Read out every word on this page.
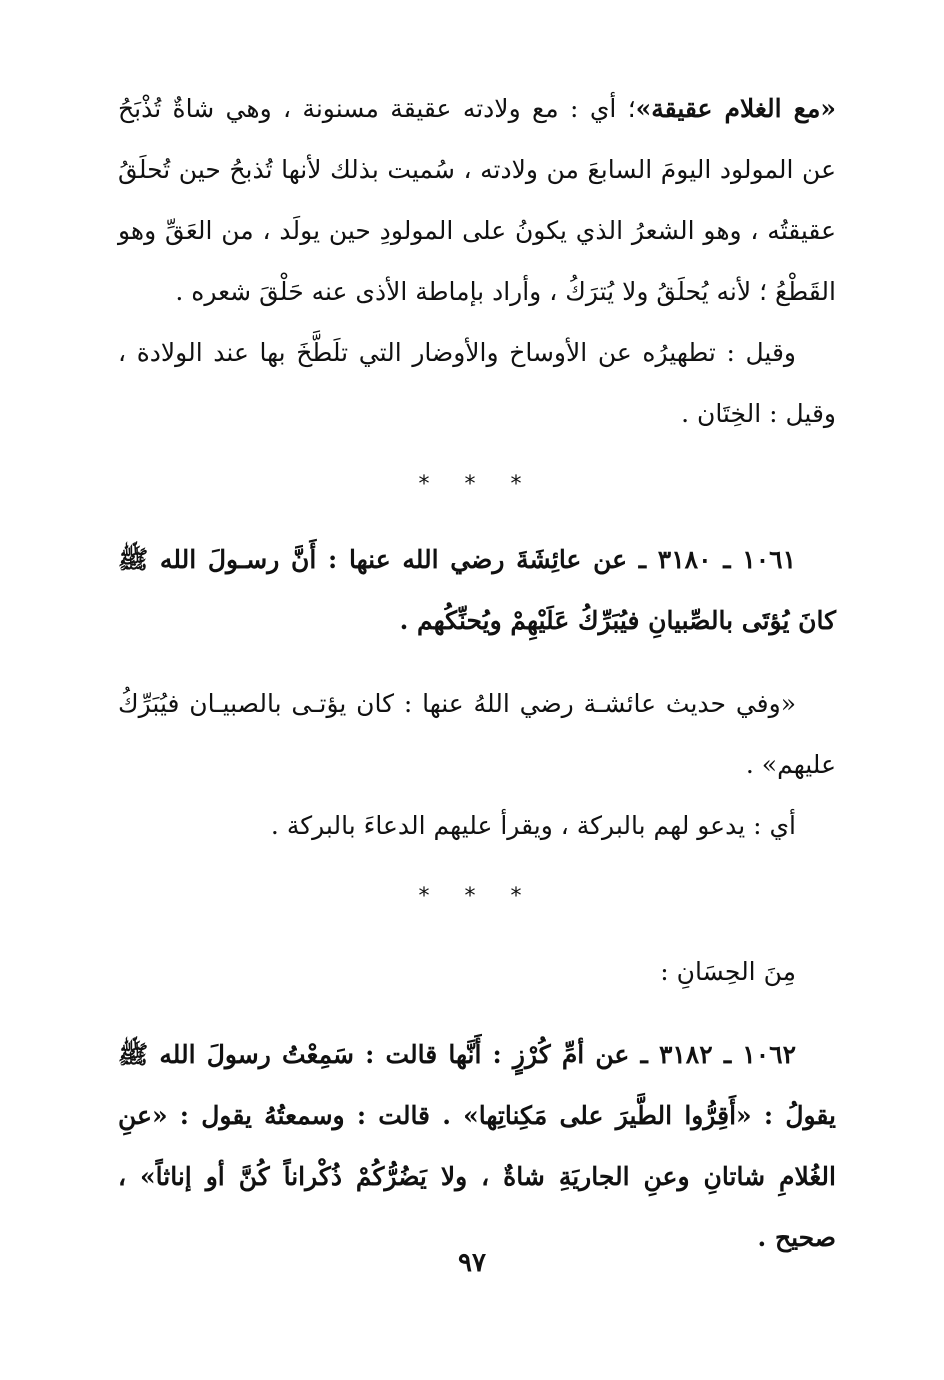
«مع الغلام عقيقة»؛ أي : مع ولادته عقيقة مسنونة ، وهي شاةٌ تُذْبَحُ عن المولود اليومَ السابعَ من ولادته ، سُميت بذلك لأنها تُذبحُ حين تُحلَقُ عقيقتُه ، وهو الشعرُ الذي يكونُ على المولودِ حين يولَد ، من العَقِّ وهو القَطْعُ ؛ لأنه يُحلَقُ ولا يُترَكُ ، وأراد بإماطة الأذى عنه حَلْقَ شعره .

وقيل : تطهيرُه عن الأوساخ والأوضار التي تلَطَّخَ بها عند الولادة ، وقيل : الخِتَان .

* * *

١٠٦١ ـ ٣١٨٠ ـ عن عائِشَةَ رضي الله عنها : أَنَّ رسـولَ الله ﷺ كانَ يُؤتَى بالصِّبيانِ فيُبَرِّكُ عَلَيْهِمْ ويُحنِّكُهم .

«وفي حديث عائشـة رضي اللهُ عنها : كان يؤتـى بالصبيـان فيُبَرِّكُ عليهم» .

أي : يدعو لهم بالبركة ، ويقرأ عليهم الدعاءَ بالبركة .

* * *

مِنَ الحِسَانِ :

١٠٦٢ ـ ٣١٨٢ ـ عن أمِّ كُرْزٍ : أَنَّها قالت : سَمِعْتُ رسولَ الله ﷺ يقولُ : «أَقِرُّوا الطَّيرَ على مَكِناتِها» . قالت : وسمعتُهُ يقول : «عنِ الغُلامِ شاتانِ وعنِ الجاريَةِ شاةٌ ، ولا يَضُرُّكُمْ ذُكْراناً كُنَّ أو إناثاً» ، صحيح .

٩٧
